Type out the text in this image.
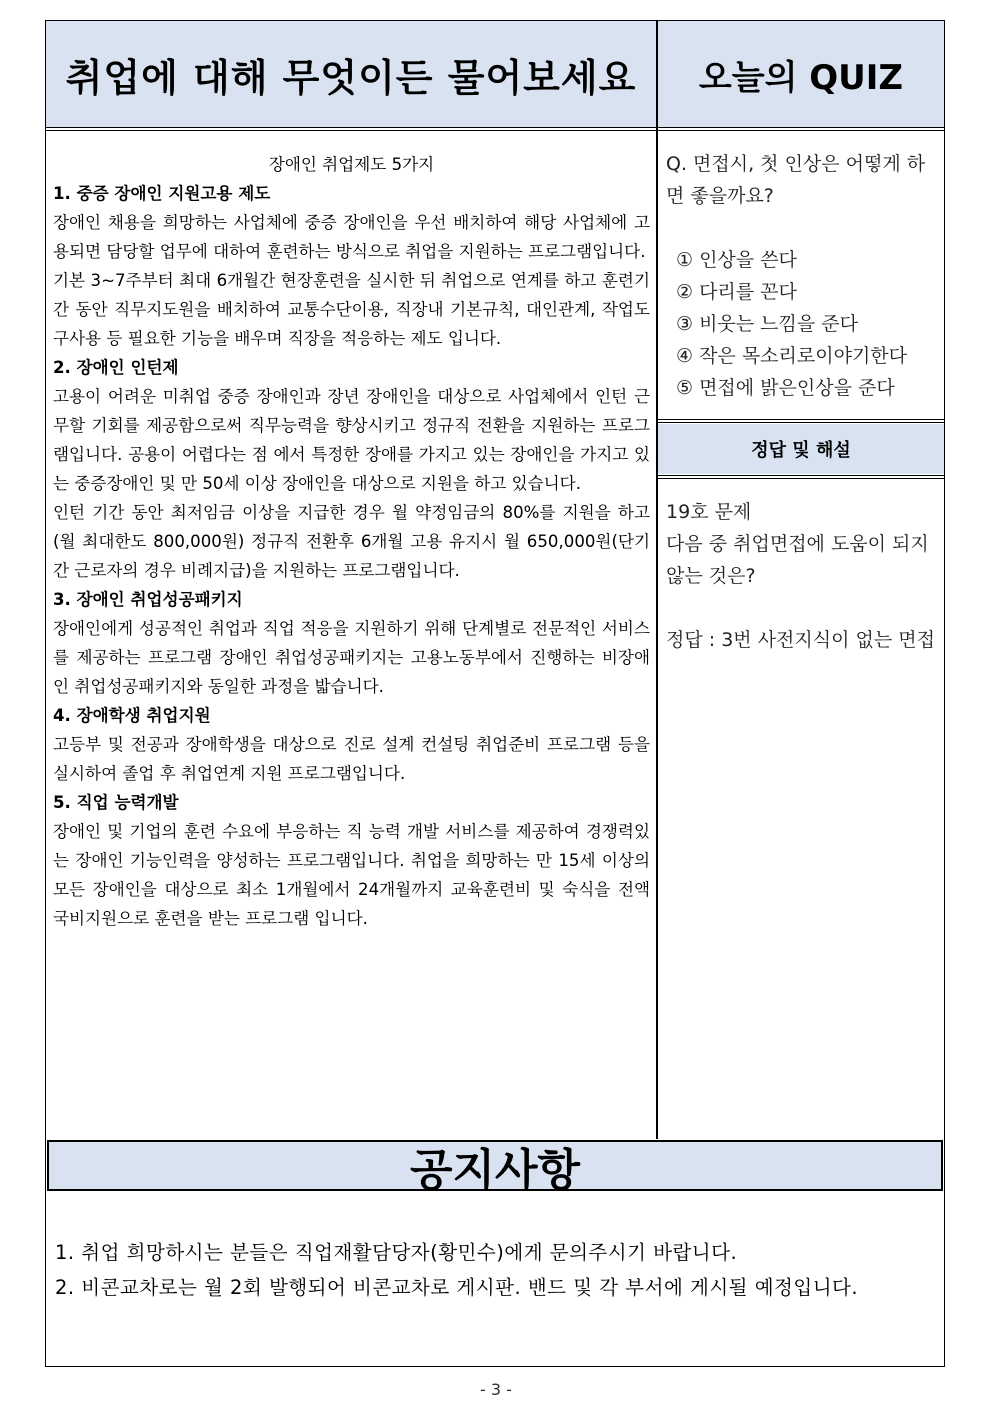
취업에 대해 무엇이든 물어보세요	오늘의 QUIZ
장애인 취업제도 5가지
1. 중증 장애인 지원고용 제도

장애인 채용을 희망하는 사업체에 중증 장애인을 우선 배치하여 해당 사업체에 고용되면 담당할 업무에 대하여 훈련하는 방식으로 취업을 지원하는 프로그램입니다.

기본 3~7주부터 최대 6개월간 현장훈련을 실시한 뒤 취업으로 연계를 하고 훈련기간 동안 직무지도원을 배치하여 교통수단이용, 직장내 기본규칙, 대인관계, 작업도구사용 등 필요한 기능을 배우며 직장을 적응하는 제도 입니다.

2. 장애인 인턴제

고용이 어려운 미취업 중증 장애인과 장년 장애인을 대상으로 사업체에서 인턴 근무할 기회를 제공함으로써 직무능력을 향상시키고 정규직 전환을 지원하는 프로그램입니다. 공용이 어렵다는 점 에서 특정한 장애를 가지고 있는 장애인을 가지고 있는 중증장애인 및 만 50세 이상 장애인을 대상으로 지원을 하고 있습니다.

인턴 기간 동안 최저임금 이상을 지급한 경우 월 약정임금의 80%를 지원을 하고(월 최대한도 800,000원) 정규직 전환후 6개월 고용 유지시 월 650,000원(단기간 근로자의 경우 비례지급)을 지원하는 프로그램입니다.

3. 장애인 취업성공패키지

장애인에게 성공적인 취업과 직업 적응을 지원하기 위해 단계별로 전문적인 서비스를 제공하는 프로그램 장애인 취업성공패키지는 고용노동부에서 진행하는 비장애인 취업성공패키지와 동일한 과정을 밟습니다.

4. 장애학생 취업지원

고등부 및 전공과 장애학생을 대상으로 진로 설계 컨설팅 취업준비 프로그램 등을 실시하여 졸업 후 취업연계 지원 프로그램입니다.

5. 직업 능력개발

장애인 및 기업의 훈련 수요에 부응하는 직 능력 개발 서비스를 제공하여 경쟁력있는 장애인 기능인력을 양성하는 프로그램입니다. 취업을 희망하는 만 15세 이상의 모든 장애인을 대상으로 최소 1개월에서 24개월까지 교육훈련비 및 숙식을 전액 국비지원으로 훈련을 받는 프로그램 입니다.

Q. 면접시, 첫 인상은 어떻게 하면 좋을까요?
① 인상을 쓴다
② 다리를 꼰다
③ 비웃는 느낌을 준다
④ 작은 목소리로이야기한다
⑤ 면접에 밝은인상을 준다
정답 및 해설
19호 문제
다음 중 취업면접에 도움이 되지 않는 것은?
정답 : 3번 사전지식이 없는 면접
공지사항

1. 취업 희망하시는 분들은 직업재활담당자(황민수)에게 문의주시기 바랍니다.

2. 비콘교차로는 월 2회 발행되어 비콘교차로 게시판. 밴드 및 각 부서에 게시될 예정입니다.

- 3 -
